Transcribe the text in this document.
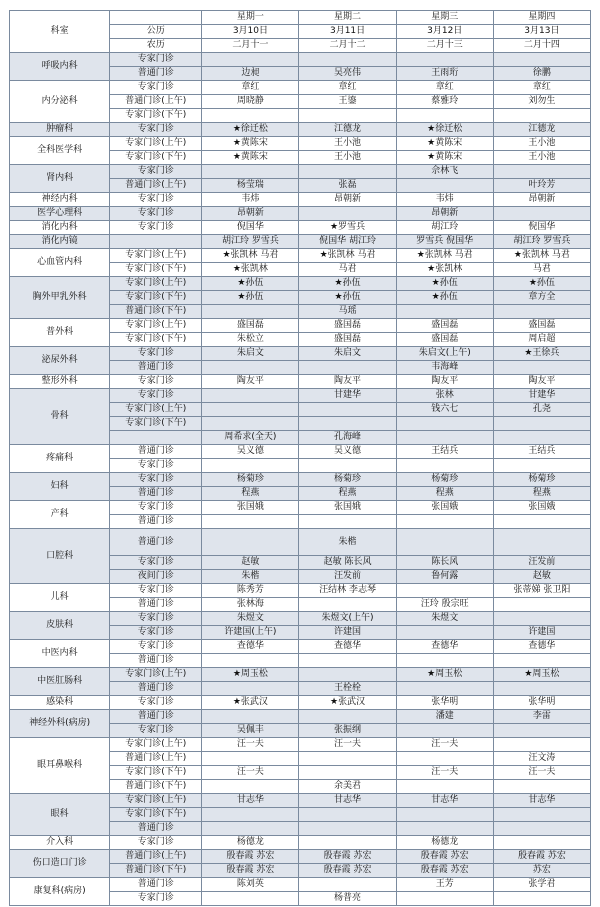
科室		星期一	星期二	星期三	星期四
	公历	3月10日	3月11日	3月12日	3月13日
	农历	二月十一	二月十二	二月十三	二月十四
呼吸内科	专家门诊				
	普通门诊	边昶	吴亮伟	王雨珩	徐鹏
内分泌科	专家门诊	章红	章红	章红	章红
	普通门诊(上午)	周晓静	王鎏	蔡雅玲	刘勿生
	专家门诊(下午)				
肿瘤科	专家门诊	★徐迁松	江德龙	★徐迁松	江德龙
全科医学科	专家门诊(上午)	★黄陈宋	王小池	★黄陈宋	王小池
	专家门诊(下午)	★黄陈宋	王小池	★黄陈宋	王小池
肾内科	专家门诊			佘林飞	
	普通门诊(上午)	杨莹瑞	张磊		叶玲芳
神经内科	专家门诊	韦炜	昂朝新	韦炜	昂朝新
医学心理科	专家门诊	昂朝新		昂朝新	
消化内科	专家门诊	倪国华	★罗雪兵	胡江玲	倪国华
消化内镜		胡江玲 罗雪兵	倪国华 胡江玲	罗雪兵 倪国华	胡江玲 罗雪兵
心血管内科	专家门诊(上午)	★张凯林 马君	★张凯林 马君	★张凯林 马君	★张凯林 马君
	专家门诊(下午)	★张凯林	马君	★张凯林	马君
胸外甲乳外科	专家门诊(上午)	★孙伍	★孙伍	★孙伍	★孙伍
	专家门诊(下午)	★孙伍	★孙伍	★孙伍	章方全
	普通门诊(下午)		马瑶		
普外科	专家门诊(上午)	盛国磊	盛国磊	盛国磊	盛国磊
	专家门诊(下午)	朱松立	盛国磊	盛国磊	周启超
泌尿外科	专家门诊	朱启文	朱启文	朱启文(上午)	★王徐兵
	普通门诊			韦海峰	
整形外科	专家门诊	陶友平	陶友平	陶友平	陶友平
骨科	专家门诊		甘建华	张林	甘建华
	专家门诊(上午)			钱六七	孔尧
	专家门诊(下午)				
		周希求(全天)	孔海峰		
疼痛科	普通门诊	吴义德	吴义德	王结兵	王结兵
	专家门诊				
妇科	专家门诊	杨菊珍	杨菊珍	杨菊珍	杨菊珍
	普通门诊	程燕	程燕	程燕	程燕
产科	专家门诊	张国娥	张国娥	张国娥	张国娥
	普通门诊				
口腔科	普通门诊		朱楷		
	专家门诊	赵敏	赵敏 陈长风	陈长风	汪发前
	夜间门诊	朱楷	汪发前	鲁何露	赵敏
儿科	专家门诊	陈秀芳	汪结林 李志琴		张蒂娣 张卫阳
	普通门诊	张林海		汪玲 殷宗旺	
皮肤科	专家门诊	朱煜文	朱煜文(上午)	朱煜文	
	专家门诊	许建国(上午)	许建国		许建国
中医内科	专家门诊	查德华	查德华	查德华	查德华
	普通门诊				
中医肛肠科	专家门诊(上午)	★周玉松		★周玉松	★周玉松
	普通门诊		王栓栓		
感染科	专家门诊	★张武汉	★张武汉	张华明	张华明
神经外科(病房)	普通门诊			潘建	李雷
	专家门诊	吴佩丰	张振纲		
眼耳鼻喉科	专家门诊(上午)	汪一夫	汪一夫	汪一夫	
	普通门诊(上午)				汪文涛
	专家门诊(下午)	汪一夫		汪一夫	汪一夫
	普通门诊(下午)		余美君		
眼科	专家门诊(上午)	甘志华	甘志华	甘志华	甘志华
	专家门诊(下午)				
	普通门诊				
介入科	专家门诊	杨德龙		杨德龙	
伤口造口门诊	普通门诊(上午)	殷春霞 苏宏	殷春霞 苏宏	殷春霞 苏宏	殷春霞 苏宏
	普通门诊(下午)	殷春霞 苏宏	殷春霞 苏宏	殷春霞 苏宏	苏宏
康复科(病房)	普通门诊	陈刘英		王芳	张学君
	专家门诊		杨普亮		
